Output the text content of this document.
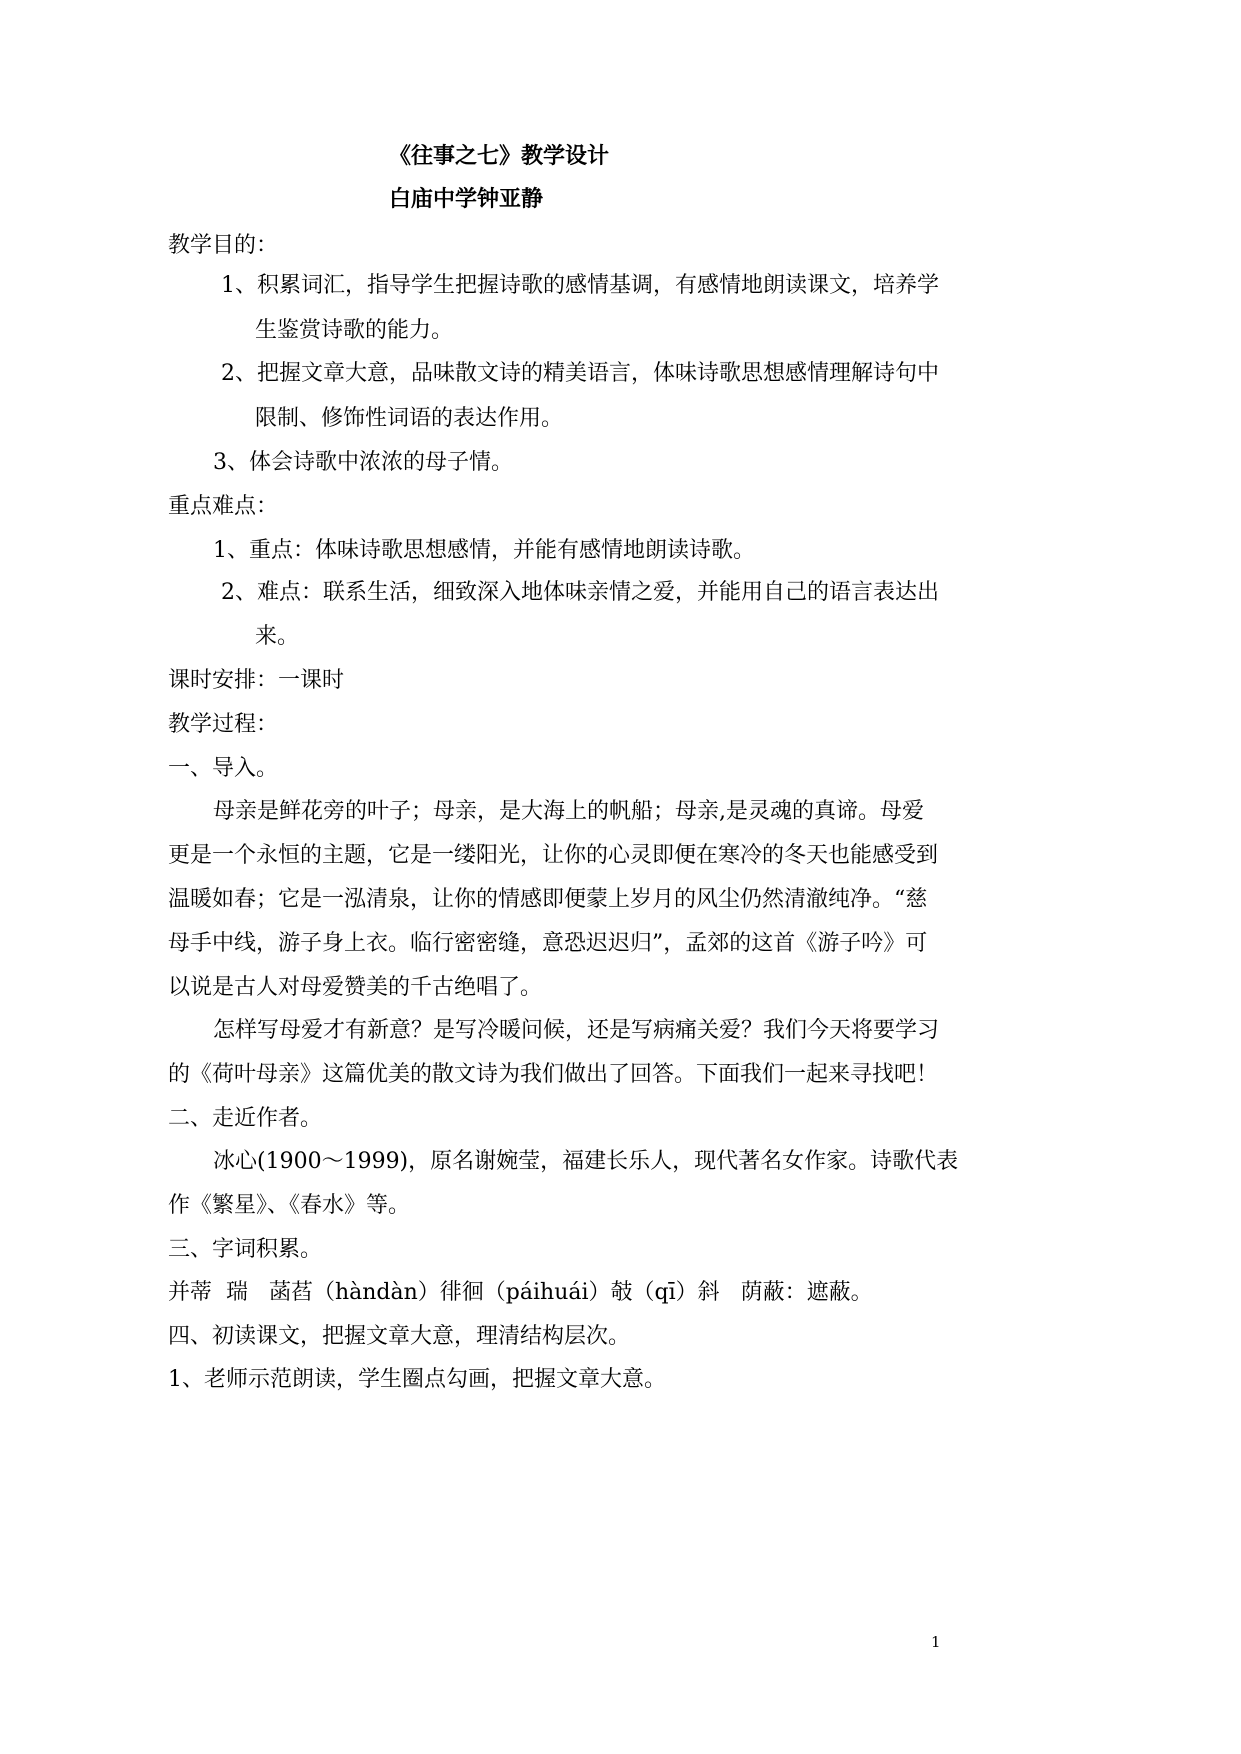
《往事之七》教学设计
白庙中学钟亚静
教学目的：
1、积累词汇，指导学生把握诗歌的感情基调，有感情地朗读课文，培养学
生鉴赏诗歌的能力。
2、把握文章大意，品味散文诗的精美语言，体味诗歌思想感情理解诗句中
限制、修饰性词语的表达作用。
3、体会诗歌中浓浓的母子情。
重点难点：
1、重点：体味诗歌思想感情，并能有感情地朗读诗歌。
2、难点：联系生活，细致深入地体味亲情之爱，并能用自己的语言表达出
来。
课时安排：一课时
教学过程：
一、导入。
母亲是鲜花旁的叶子；母亲，是大海上的帆船；母亲,是灵魂的真谛。母爱
更是一个永恒的主题，它是一缕阳光，让你的心灵即便在寒冷的冬天也能感受到
温暖如春；它是一泓清泉，让你的情感即便蒙上岁月的风尘仍然清澈纯净。“慈
母手中线，游子身上衣。临行密密缝，意恐迟迟归”，孟郊的这首《游子吟》可
以说是古人对母爱赞美的千古绝唱了。
怎样写母爱才有新意？是写冷暖问候，还是写病痛关爱？我们今天将要学习
的《荷叶母亲》这篇优美的散文诗为我们做出了回答。下面我们一起来寻找吧！
二、走近作者。
冰心(1900～1999)，原名谢婉莹，福建长乐人，现代著名女作家。诗歌代表
作《繁星》、《春水》等。
三、字词积累。
并蒂  瑞   菡萏（hàndàn）徘徊（páihuái）攲（qī）斜   荫蔽：遮蔽。
四、初读课文，把握文章大意，理清结构层次。
1、老师示范朗读，学生圈点勾画，把握文章大意。
1
